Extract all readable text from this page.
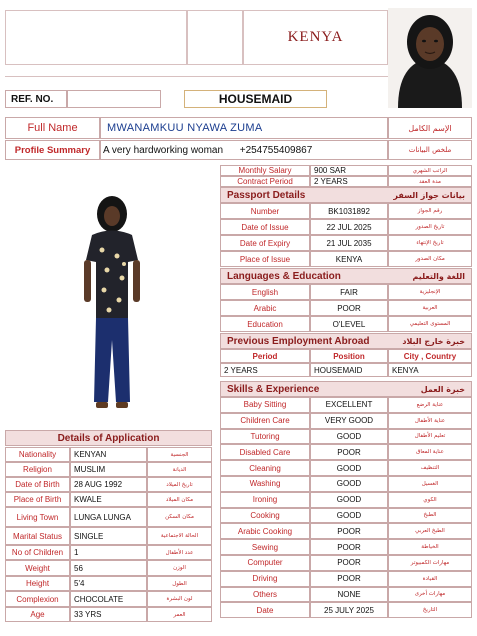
KENYA
REF. NO.	HOUSEMAID
Full Name	MWANAMKUU NYAWA ZUMA	الإسم الكامل
Profile Summary A very hardworking woman      +254755409867	ملخص البيانات
Monthly Salary	900 SAR	الراتب الشهري
Contract Period	2 YEARS	مدة العقد
Passport Details	بيانات جواز السفر
Number	BK1031892	رقم الجواز
Date of Issue	22 JUL 2025	تاريخ الصدور
Date of Expiry	21 JUL 2035	تاريخ الإنتهاء
Place of Issue	KENYA	مكان الصدور
Languages & Education	اللغة والتعليم
English	FAIR	الإنجليزية
Arabic	POOR	العربية
Education	O'LEVEL	المستوى التعليمي
Previous Employment Abroad	خبرة خارج البلاد
Period	Position	City , Country
2 YEARS	HOUSEMAID	KENYA
Skills & Experience	خبرة العمل
Baby Sitting	EXCELLENT	عناية الرضع
Children Care	VERY GOOD	عناية الأطفال
Tutoring	GOOD	تعليم الأطفال
Disabled Care	POOR	عناية المعاق
Cleaning	GOOD	التنظيف
Washing	GOOD	الغسيل
Ironing	GOOD	الكوي
Cooking	GOOD	الطبخ
Arabic Cooking	POOR	الطبخ العربي
Sewing	POOR	الخياطة
Computer	POOR	مهارات الكمبيوتر
Driving	POOR	القيادة
Others	NONE	مهارات أخرى
Date	25 JULY 2025	التاريخ
Details of Application
Nationality KENYAN	الجنسية
Religion	MUSLIM	الديانة
Date of Birth 28 AUG 1992	تاريخ الميلاد
Place of Birth KWALE	مكان الميلاد
Living Town LUNGA LUNGA	مكان السكن
Marital Status SINGLE	الحالة الاجتماعية
No of Children 1	عدد الأطفال
Weight	56	الوزن
Height	5'4	الطول
Complexion CHOCOLATE	لون البشرة
Age	33 YRS	العمر
